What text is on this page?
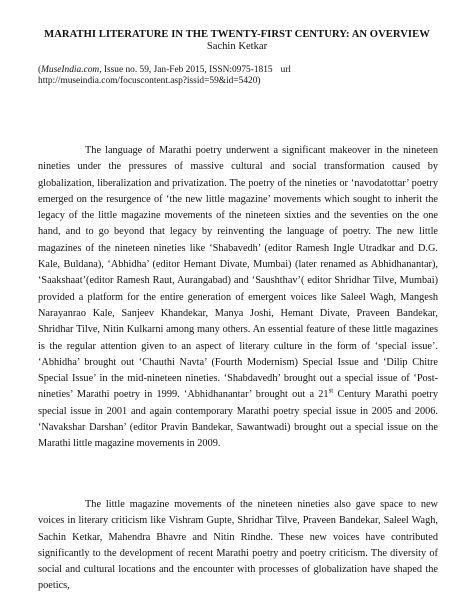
MARATHI LITERATURE IN THE TWENTY-FIRST CENTURY: AN OVERVIEW
Sachin Ketkar
(MuseIndia.com, Issue no. 59, Jan-Feb 2015, ISSN:0975-1815 url
http://museindia.com/focuscontent.asp?issid=59&id=5420)

The language of Marathi poetry underwent a significant makeover in the nineteen nineties under the pressures of massive cultural and social transformation caused by globalization, liberalization and privatization. The poetry of the nineties or ‘navodatottar’ poetry emerged on the resurgence of ‘the new little magazine’ movements which sought to inherit the legacy of the little magazine movements of the nineteen sixties and the seventies on the one hand, and to go beyond that legacy by reinventing the language of poetry. The new little magazines of the nineteen nineties like ‘Shabavedh’ (editor Ramesh Ingle Utradkar and D.G. Kale, Buldana), ‘Abhidha’ (editor Hemant Divate, Mumbai) (later renamed as Abhidhanantar), ‘Saakshaat’(editor Ramesh Raut, Aurangabad) and ‘Saushthav’( editor Shridhar Tilve, Mumbai) provided a platform for the entire generation of emergent voices like Saleel Wagh, Mangesh Narayanrao Kale, Sanjeev Khandekar, Manya Joshi, Hemant Divate, Praveen Bandekar, Shridhar Tilve, Nitin Kulkarni among many others. An essential feature of these little magazines is the regular attention given to an aspect of literary culture in the form of ‘special issue’. ‘Abhidha’ brought out ‘Chauthi Navta’ (Fourth Modernism) Special Issue and ‘Dilip Chitre Special Issue’ in the mid-nineteen nineties. ‘Shabdavedh’ brought out a special issue of ‘Post-nineties’ Marathi poetry in 1999. ‘Abhidhanantar’ brought out a 21st Century Marathi poetry special issue in 2001 and again contemporary Marathi poetry special issue in 2005 and 2006. ‘Navakshar Darshan’ (editor Pravin Bandekar, Sawantwadi) brought out a special issue on the Marathi little magazine movements in 2009.

The little magazine movements of the nineteen nineties also gave space to new voices in literary criticism like Vishram Gupte, Shridhar Tilve, Praveen Bandekar, Saleel Wagh, Sachin Ketkar, Mahendra Bhavre and Nitin Rindhe. These new voices have contributed significantly to the development of recent Marathi poetry and poetry criticism. The diversity of social and cultural locations and the encounter with processes of globalization have shaped the poetics,
